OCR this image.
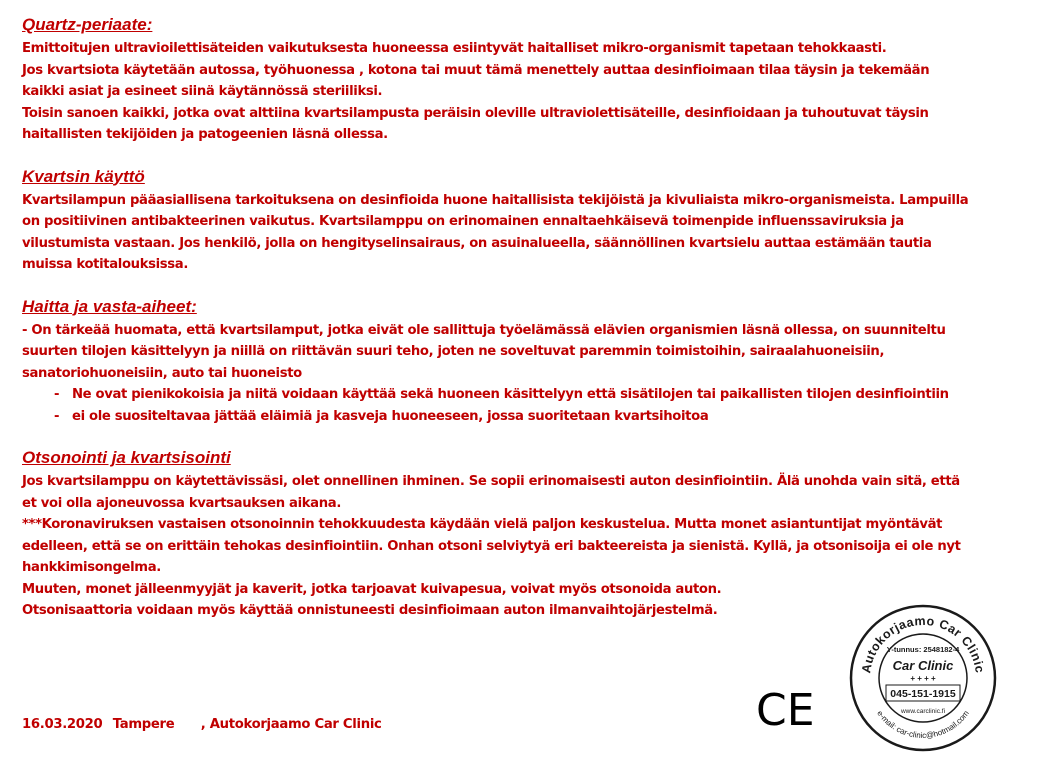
Quartz-periaate:

Emittoitujen ultravioilettisäteiden vaikutuksesta huoneessa esiintyvät haitalliset mikro-organismit tapetaan tehokkaasti.

Jos kvartsiota käytetään autossa, työhuonessa , kotona tai muut tämä menettely auttaa desinfioimaan tilaa täysin ja tekemään

kaikki asiat ja esineet siinä käytännössä steriiliksi.

Toisin sanoen kaikki, jotka ovat alttiina kvartsilampusta peräisin oleville ultraviolettisäteille, desinfioidaan ja tuhoutuvat täysin

haitallisten tekijöiden ja patogeenien läsnä ollessa.

Kvartsin käyttö

Kvartsilampun pääasiallisena tarkoituksena on desinfioida huone haitallisista tekijöistä ja kivuliaista mikro-organismeista. Lampuilla

on positiivinen antibakteerinen vaikutus. Kvartsilamppu on erinomainen ennaltaehkäisevä toimenpide influenssaviruksia ja

vilustumista vastaan. Jos henkilö, jolla on hengityselinsairaus, on asuinalueella, säännöllinen kvartsielu auttaa estämään tautia

muissa kotitalouksissa.

Haitta ja vasta-aiheet:

- On tärkeää huomata, että kvartsilamput, jotka eivät ole sallittuja työelämässä elävien organismien läsnä ollessa, on suunniteltu

suurten tilojen käsittelyyn ja niillä on riittävän suuri teho, joten ne soveltuvat paremmin toimistoihin, sairaalahuoneisiin,

sanatoriohuoneisiin, auto tai huoneisto

- Ne ovat pienikokoisia ja niitä voidaan käyttää sekä huoneen käsittelyyn että sisätilojen tai paikallisten tilojen desinfiointiin
- ei ole suositeltavaa jättää eläimiä ja kasveja huoneeseen, jossa suoritetaan kvartsihoitoa
Otsonointi ja kvartsisointi

Jos kvartsilamppu on käytettävissäsi, olet onnellinen ihminen. Se sopii erinomaisesti auton desinfiointiin. Älä unohda vain sitä, että

et voi olla ajoneuvossa kvartsauksen aikana.

***Koronaviruksen vastaisen otsonoinnin tehokkuudesta käydään vielä paljon keskustelua. Mutta monet asiantuntijat myöntävät

edelleen, että se on erittäin tehokas desinfiointiin. Onhan otsoni selviytyä eri bakteereista ja sienistä. Kyllä, ja otsonisoija ei ole nyt

hankkimisongelma.

Muuten, monet jälleenmyyjät ja kaverit, jotka tarjoavat kuivapesua, voivat myös otsonoida auton.

Otsonisaattoria voidaan myös käyttää onnistuneesti desinfioimaan auton ilmanvaihtojärjestelmä.

16.03.2020 Tampere , Autokorjaamo Car Clinic	CE
Autokorjaamo Car Clinic
e-mail: car-clinic@hotmail.com
Y-tunnus: 2548182-4
Car Clinic
+ + + +
045-151-1915
www.carclinic.fi
